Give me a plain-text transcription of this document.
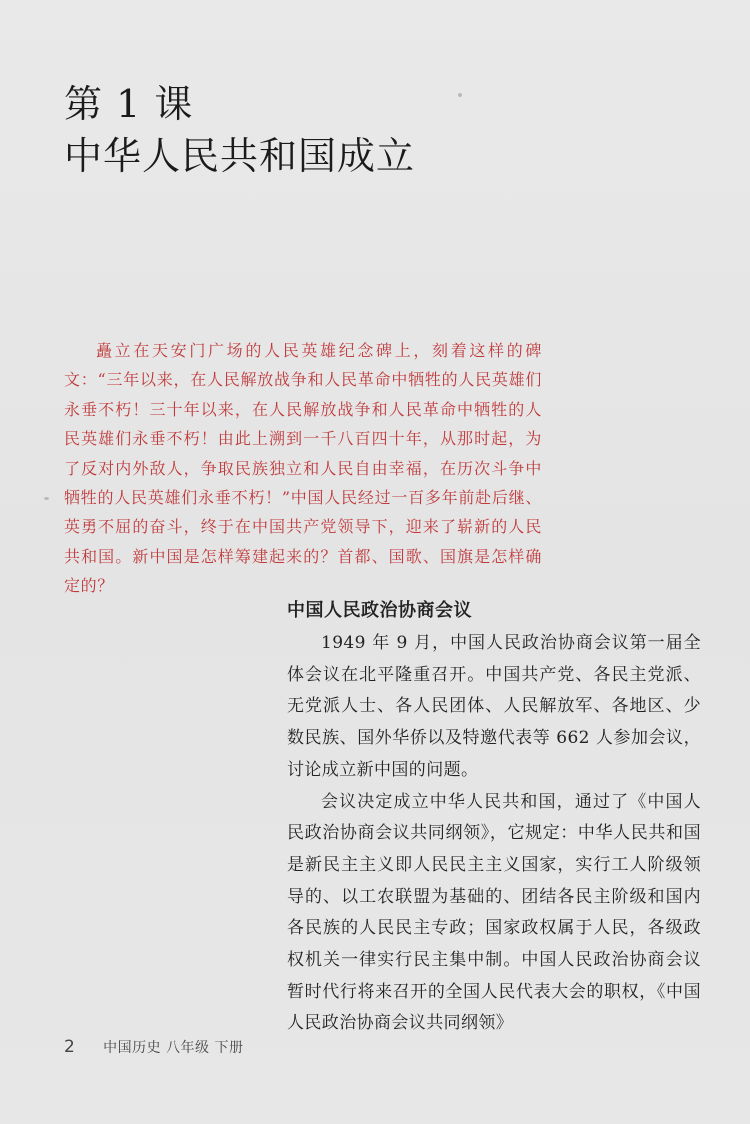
第 1 课
中华人民共和国成立

矗立在天安门广场的人民英雄纪念碑上，刻着这样的碑文：“三年以来，在人民解放战争和人民革命中牺牲的人民英雄们永垂不朽！三十年以来，在人民解放战争和人民革命中牺牲的人民英雄们永垂不朽！由此上溯到一千八百四十年，从那时起，为了反对内外敌人，争取民族独立和人民自由幸福，在历次斗争中牺牲的人民英雄们永垂不朽！”中国人民经过一百多年前赴后继、英勇不屈的奋斗，终于在中国共产党领导下，迎来了崭新的人民共和国。新中国是怎样筹建起来的？首都、国歌、国旗是怎样确定的？

中国人民政治协商会议

1949 年 9 月，中国人民政治协商会议第一届全体会议在北平隆重召开。中国共产党、各民主党派、无党派人士、各人民团体、人民解放军、各地区、少数民族、国外华侨以及特邀代表等 662 人参加会议，讨论成立新中国的问题。

会议决定成立中华人民共和国，通过了《中国人民政治协商会议共同纲领》，它规定：中华人民共和国是新民主主义即人民民主主义国家，实行工人阶级领导的、以工农联盟为基础的、团结各民主阶级和国内各民族的人民民主专政；国家政权属于人民，各级政权机关一律实行民主集中制。中国人民政治协商会议暂时代行将来召开的全国人民代表大会的职权，《中国人民政治协商会议共同纲领》

2 中国历史 八年级 下册
